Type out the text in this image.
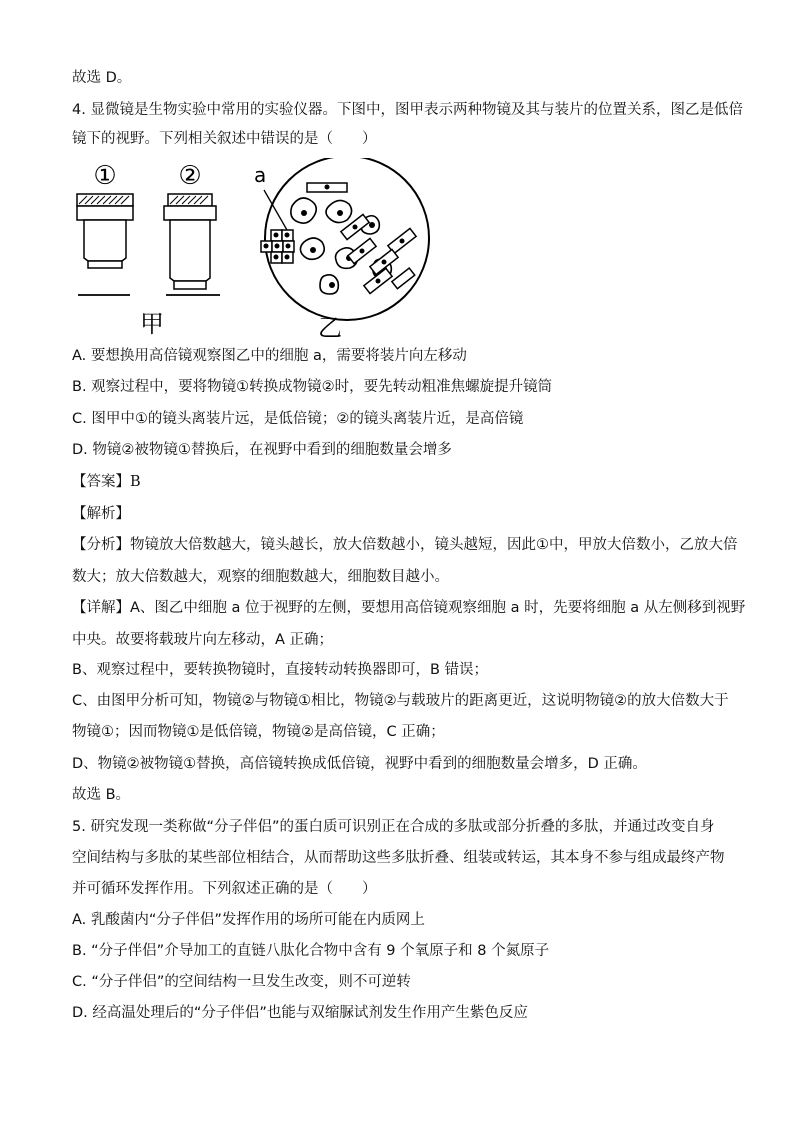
故选 D。
4. 显微镜是生物实验中常用的实验仪器。下图中，图甲表示两种物镜及其与装片的位置关系，图乙是低倍
镜下的视野。下列相关叙述中错误的是（　　）
① ②
甲
a
乙
A. 要想换用高倍镜观察图乙中的细胞 a，需要将装片向左移动
B. 观察过程中，要将物镜①转换成物镜②时，要先转动粗准焦螺旋提升镜筒
C. 图甲中①的镜头离装片远，是低倍镜；②的镜头离装片近，是高倍镜
D. 物镜②被物镜①替换后，在视野中看到的细胞数量会增多
【答案】B
【解析】
【分析】物镜放大倍数越大，镜头越长，放大倍数越小，镜头越短，因此①中，甲放大倍数小，乙放大倍
数大；放大倍数越大，观察的细胞数越大，细胞数目越小。
【详解】A、图乙中细胞 a 位于视野的左侧，要想用高倍镜观察细胞 a 时，先要将细胞 a 从左侧移到视野
中央。故要将载玻片向左移动，A 正确；
B、观察过程中，要转换物镜时，直接转动转换器即可，B 错误；
C、由图甲分析可知，物镜②与物镜①相比，物镜②与载玻片的距离更近，这说明物镜②的放大倍数大于
物镜①；因而物镜①是低倍镜，物镜②是高倍镜，C 正确；
D、物镜②被物镜①替换，高倍镜转换成低倍镜，视野中看到的细胞数量会增多，D 正确。
故选 B。
5. 研究发现一类称做“分子伴侣”的蛋白质可识别正在合成的多肽或部分折叠的多肽，并通过改变自身
空间结构与多肽的某些部位相结合，从而帮助这些多肽折叠、组装或转运，其本身不参与组成最终产物
并可循环发挥作用。下列叙述正确的是（　　）
A. 乳酸菌内“分子伴侣”发挥作用的场所可能在内质网上
B. “分子伴侣”介导加工的直链八肽化合物中含有 9 个氧原子和 8 个氮原子
C. “分子伴侣”的空间结构一旦发生改变，则不可逆转
D. 经高温处理后的“分子伴侣”也能与双缩脲试剂发生作用产生紫色反应
